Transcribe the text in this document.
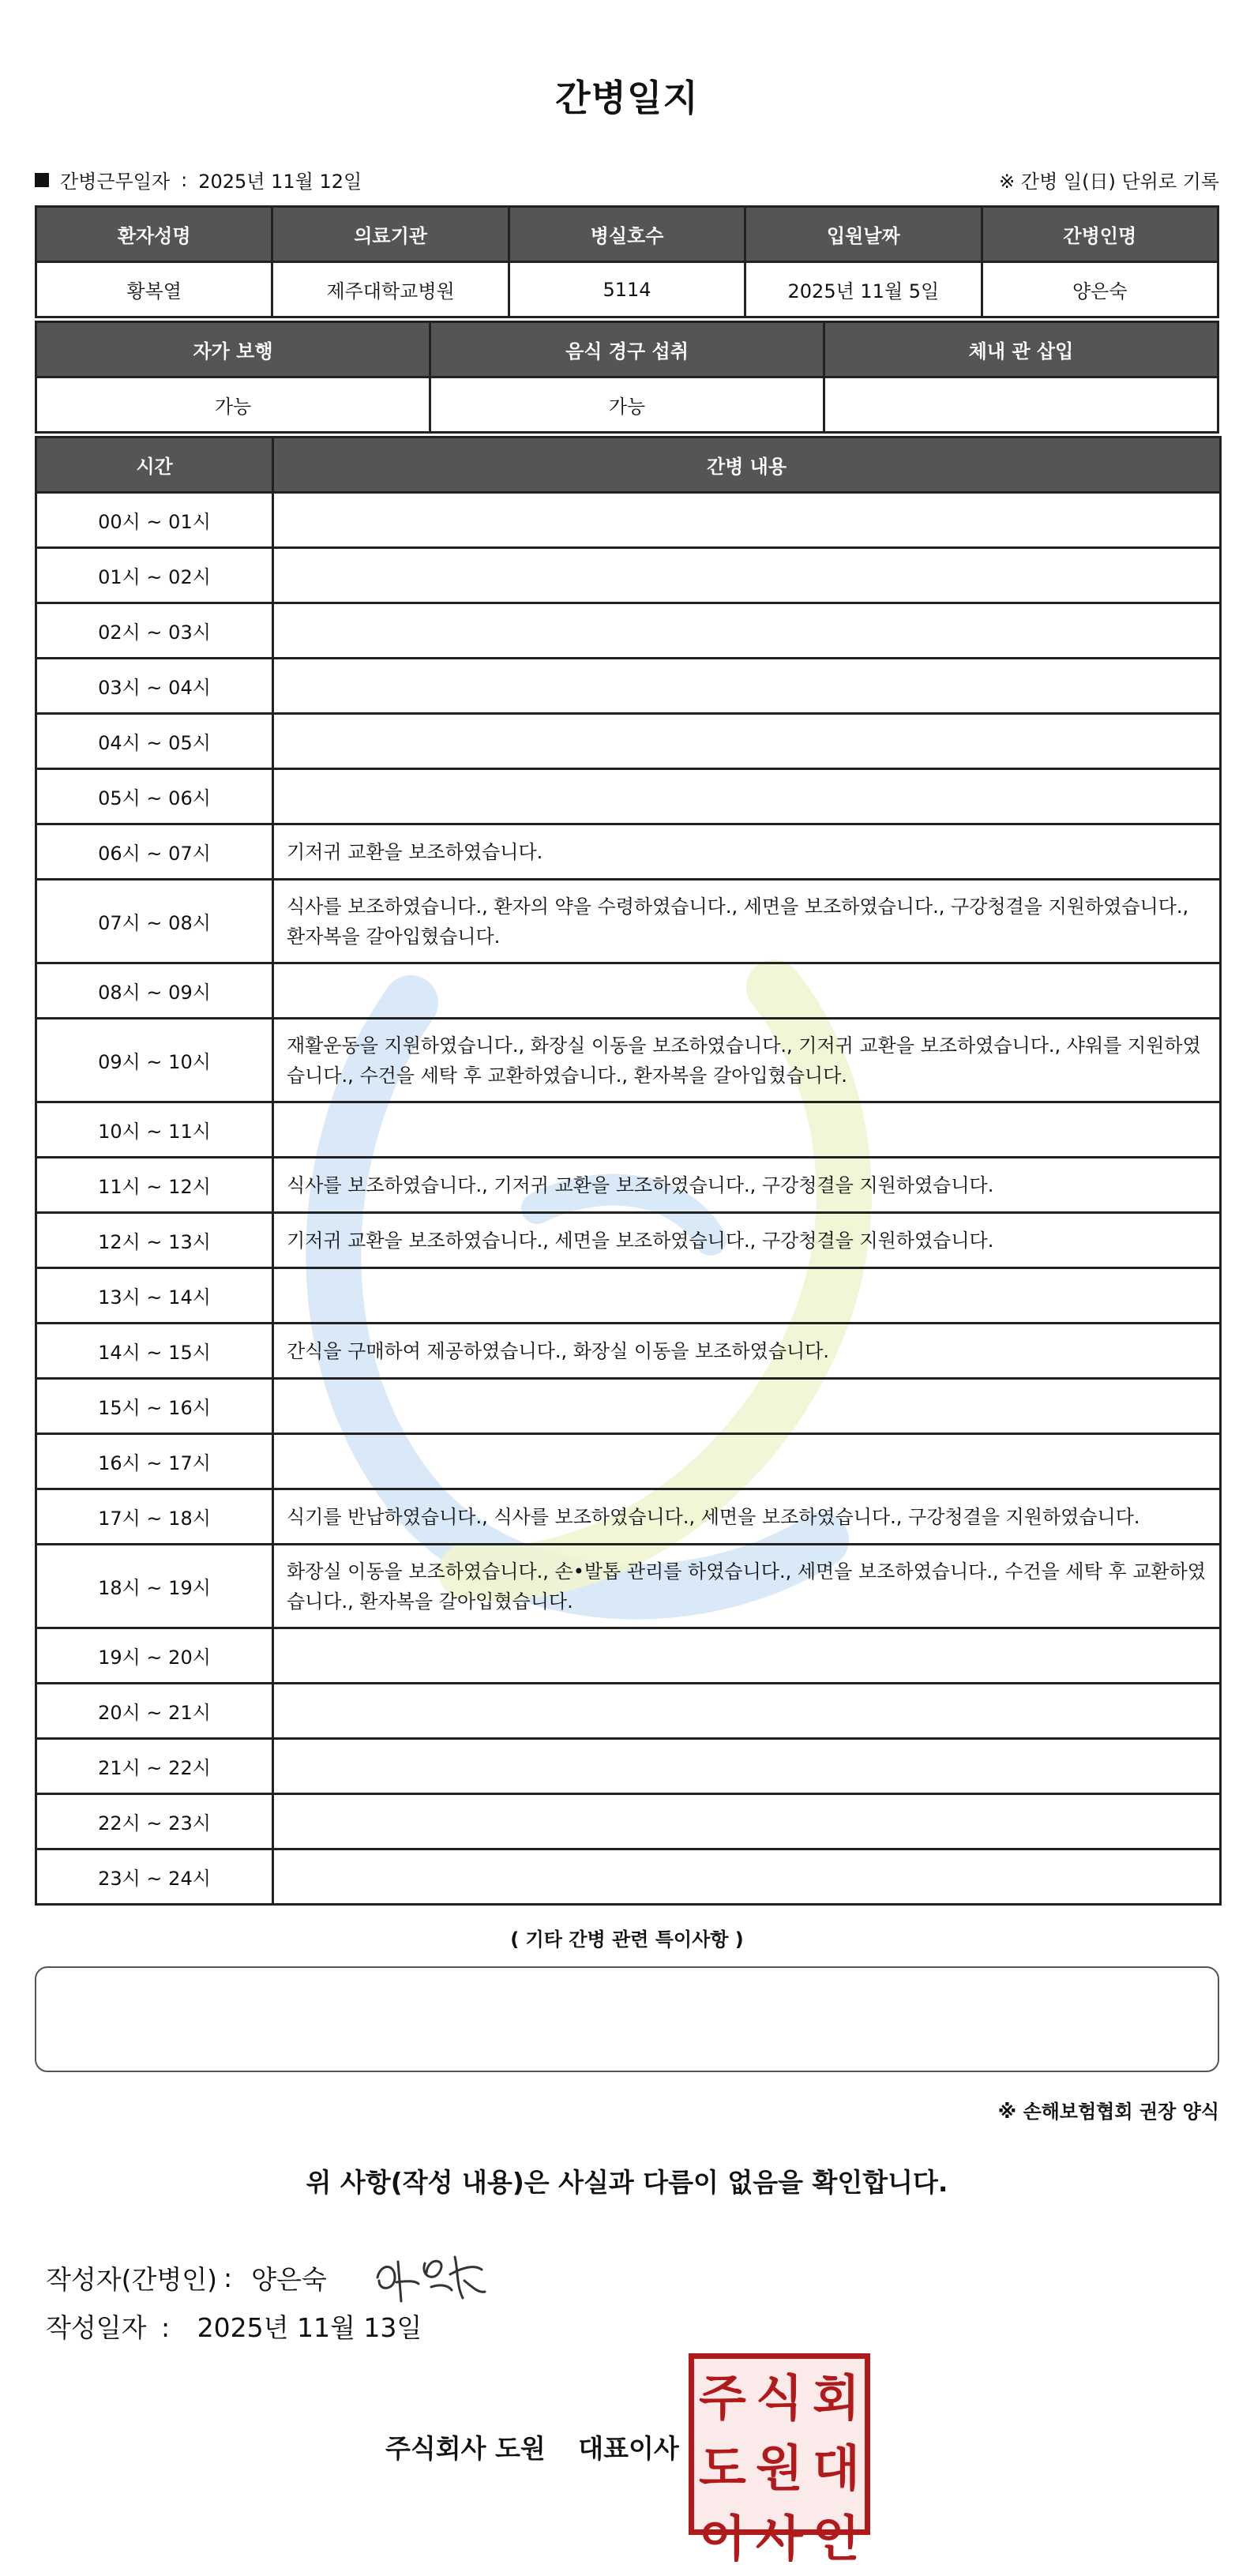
간병일지
간병근무일자 : 2025년 11월 12일	※ 간병 일(日) 단위로 기록
환자성명	의료기관	병실호수	입원날짜	간병인명
황복열	제주대학교병원	5114	2025년 11월 5일	양은숙
자가 보행	음식 경구 섭취	체내 관 삽입
가능	가능	
시간	간병 내용
00시 ~ 01시	
01시 ~ 02시	
02시 ~ 03시	
03시 ~ 04시	
04시 ~ 05시	
05시 ~ 06시	
06시 ~ 07시	기저귀 교환을 보조하였습니다.
07시 ~ 08시	식사를 보조하였습니다., 환자의 약을 수령하였습니다., 세면을 보조하였습니다., 구강청결을 지원하였습니다., 환자복을 갈아입혔습니다.
08시 ~ 09시	
09시 ~ 10시	재활운동을 지원하였습니다., 화장실 이동을 보조하였습니다., 기저귀 교환을 보조하였습니다., 샤워를 지원하였습니다., 수건을 세탁 후 교환하였습니다., 환자복을 갈아입혔습니다.
10시 ~ 11시	
11시 ~ 12시	식사를 보조하였습니다., 기저귀 교환을 보조하였습니다., 구강청결을 지원하였습니다.
12시 ~ 13시	기저귀 교환을 보조하였습니다., 세면을 보조하였습니다., 구강청결을 지원하였습니다.
13시 ~ 14시	
14시 ~ 15시	간식을 구매하여 제공하였습니다., 화장실 이동을 보조하였습니다.
15시 ~ 16시	
16시 ~ 17시	
17시 ~ 18시	식기를 반납하였습니다., 식사를 보조하였습니다., 세면을 보조하였습니다., 구강청결을 지원하였습니다.
18시 ~ 19시	화장실 이동을 보조하였습니다., 손•발톱 관리를 하였습니다., 세면을 보조하였습니다., 수건을 세탁 후 교환하였습니다., 환자복을 갈아입혔습니다.
19시 ~ 20시	
20시 ~ 21시	
21시 ~ 22시	
22시 ~ 23시	
23시 ~ 24시	
( 기타 간병 관련 특이사항 )
※ 손해보험협회 권장 양식
위 사항(작성 내용)은 사실과 다름이 없음을 확인합니다.
작성자(간병인) : 양은숙
작성일자 : 2025년 11월 13일
주식회사 도원 대표이사
주 식 회
도 원 대
이 사 인
